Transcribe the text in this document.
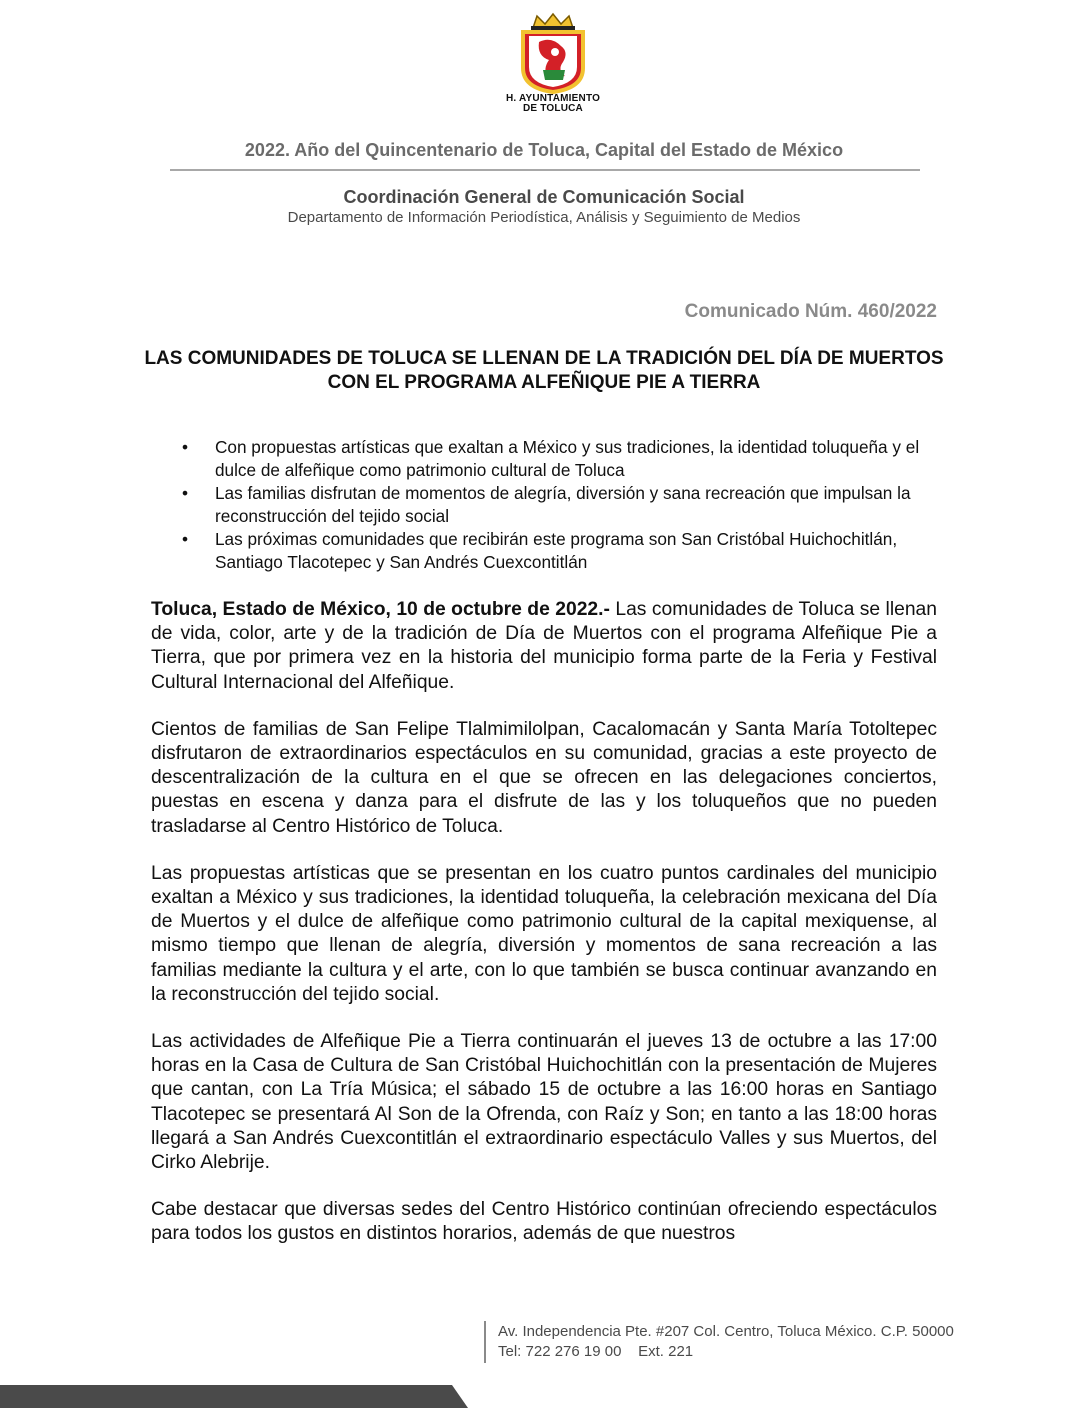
H. AYUNTAMIENTO
DE TOLUCA
2022. Año del Quincentenario de Toluca, Capital del Estado de México
Coordinación General de Comunicación Social
Departamento de Información Periodística, Análisis y Seguimiento de Medios
Comunicado Núm. 460/2022
LAS COMUNIDADES DE TOLUCA SE LLENAN DE LA TRADICIÓN DEL DÍA DE MUERTOS CON EL PROGRAMA ALFEÑIQUE PIE A TIERRA
• Con propuestas artísticas que exaltan a México y sus tradiciones, la identidad toluqueña y el dulce de alfeñique como patrimonio cultural de Toluca
• Las familias disfrutan de momentos de alegría, diversión y sana recreación que impulsan la reconstrucción del tejido social
• Las próximas comunidades que recibirán este programa son San Cristóbal Huichochitlán, Santiago Tlacotepec y San Andrés Cuexcontitlán

Toluca, Estado de México, 10 de octubre de 2022.- Las comunidades de Toluca se llenan de vida, color, arte y de la tradición de Día de Muertos con el programa Alfeñique Pie a Tierra, que por primera vez en la historia del municipio forma parte de la Feria y Festival Cultural Internacional del Alfeñique.

Cientos de familias de San Felipe Tlalmimilolpan, Cacalomacán y Santa María Totoltepec disfrutaron de extraordinarios espectáculos en su comunidad, gracias a este proyecto de descentralización de la cultura en el que se ofrecen en las delegaciones conciertos, puestas en escena y danza para el disfrute de las y los toluqueños que no pueden trasladarse al Centro Histórico de Toluca.

Las propuestas artísticas que se presentan en los cuatro puntos cardinales del municipio exaltan a México y sus tradiciones, la identidad toluqueña, la celebración mexicana del Día de Muertos y el dulce de alfeñique como patrimonio cultural de la capital mexiquense, al mismo tiempo que llenan de alegría, diversión y momentos de sana recreación a las familias mediante la cultura y el arte, con lo que también se busca continuar avanzando en la reconstrucción del tejido social.

Las actividades de Alfeñique Pie a Tierra continuarán el jueves 13 de octubre a las 17:00 horas en la Casa de Cultura de San Cristóbal Huichochitlán con la presentación de Mujeres que cantan, con La Tría Música; el sábado 15 de octubre a las 16:00 horas en Santiago Tlacotepec se presentará Al Son de la Ofrenda, con Raíz y Son; en tanto a las 18:00 horas llegará a San Andrés Cuexcontitlán el extraordinario espectáculo Valles y sus Muertos, del Cirko Alebrije.

Cabe destacar que diversas sedes del Centro Histórico continúan ofreciendo espectáculos para todos los gustos en distintos horarios, además de que nuestros

Av. Independencia Pte. #207 Col. Centro, Toluca México. C.P. 50000
Tel: 722 276 19 00    Ext. 221
